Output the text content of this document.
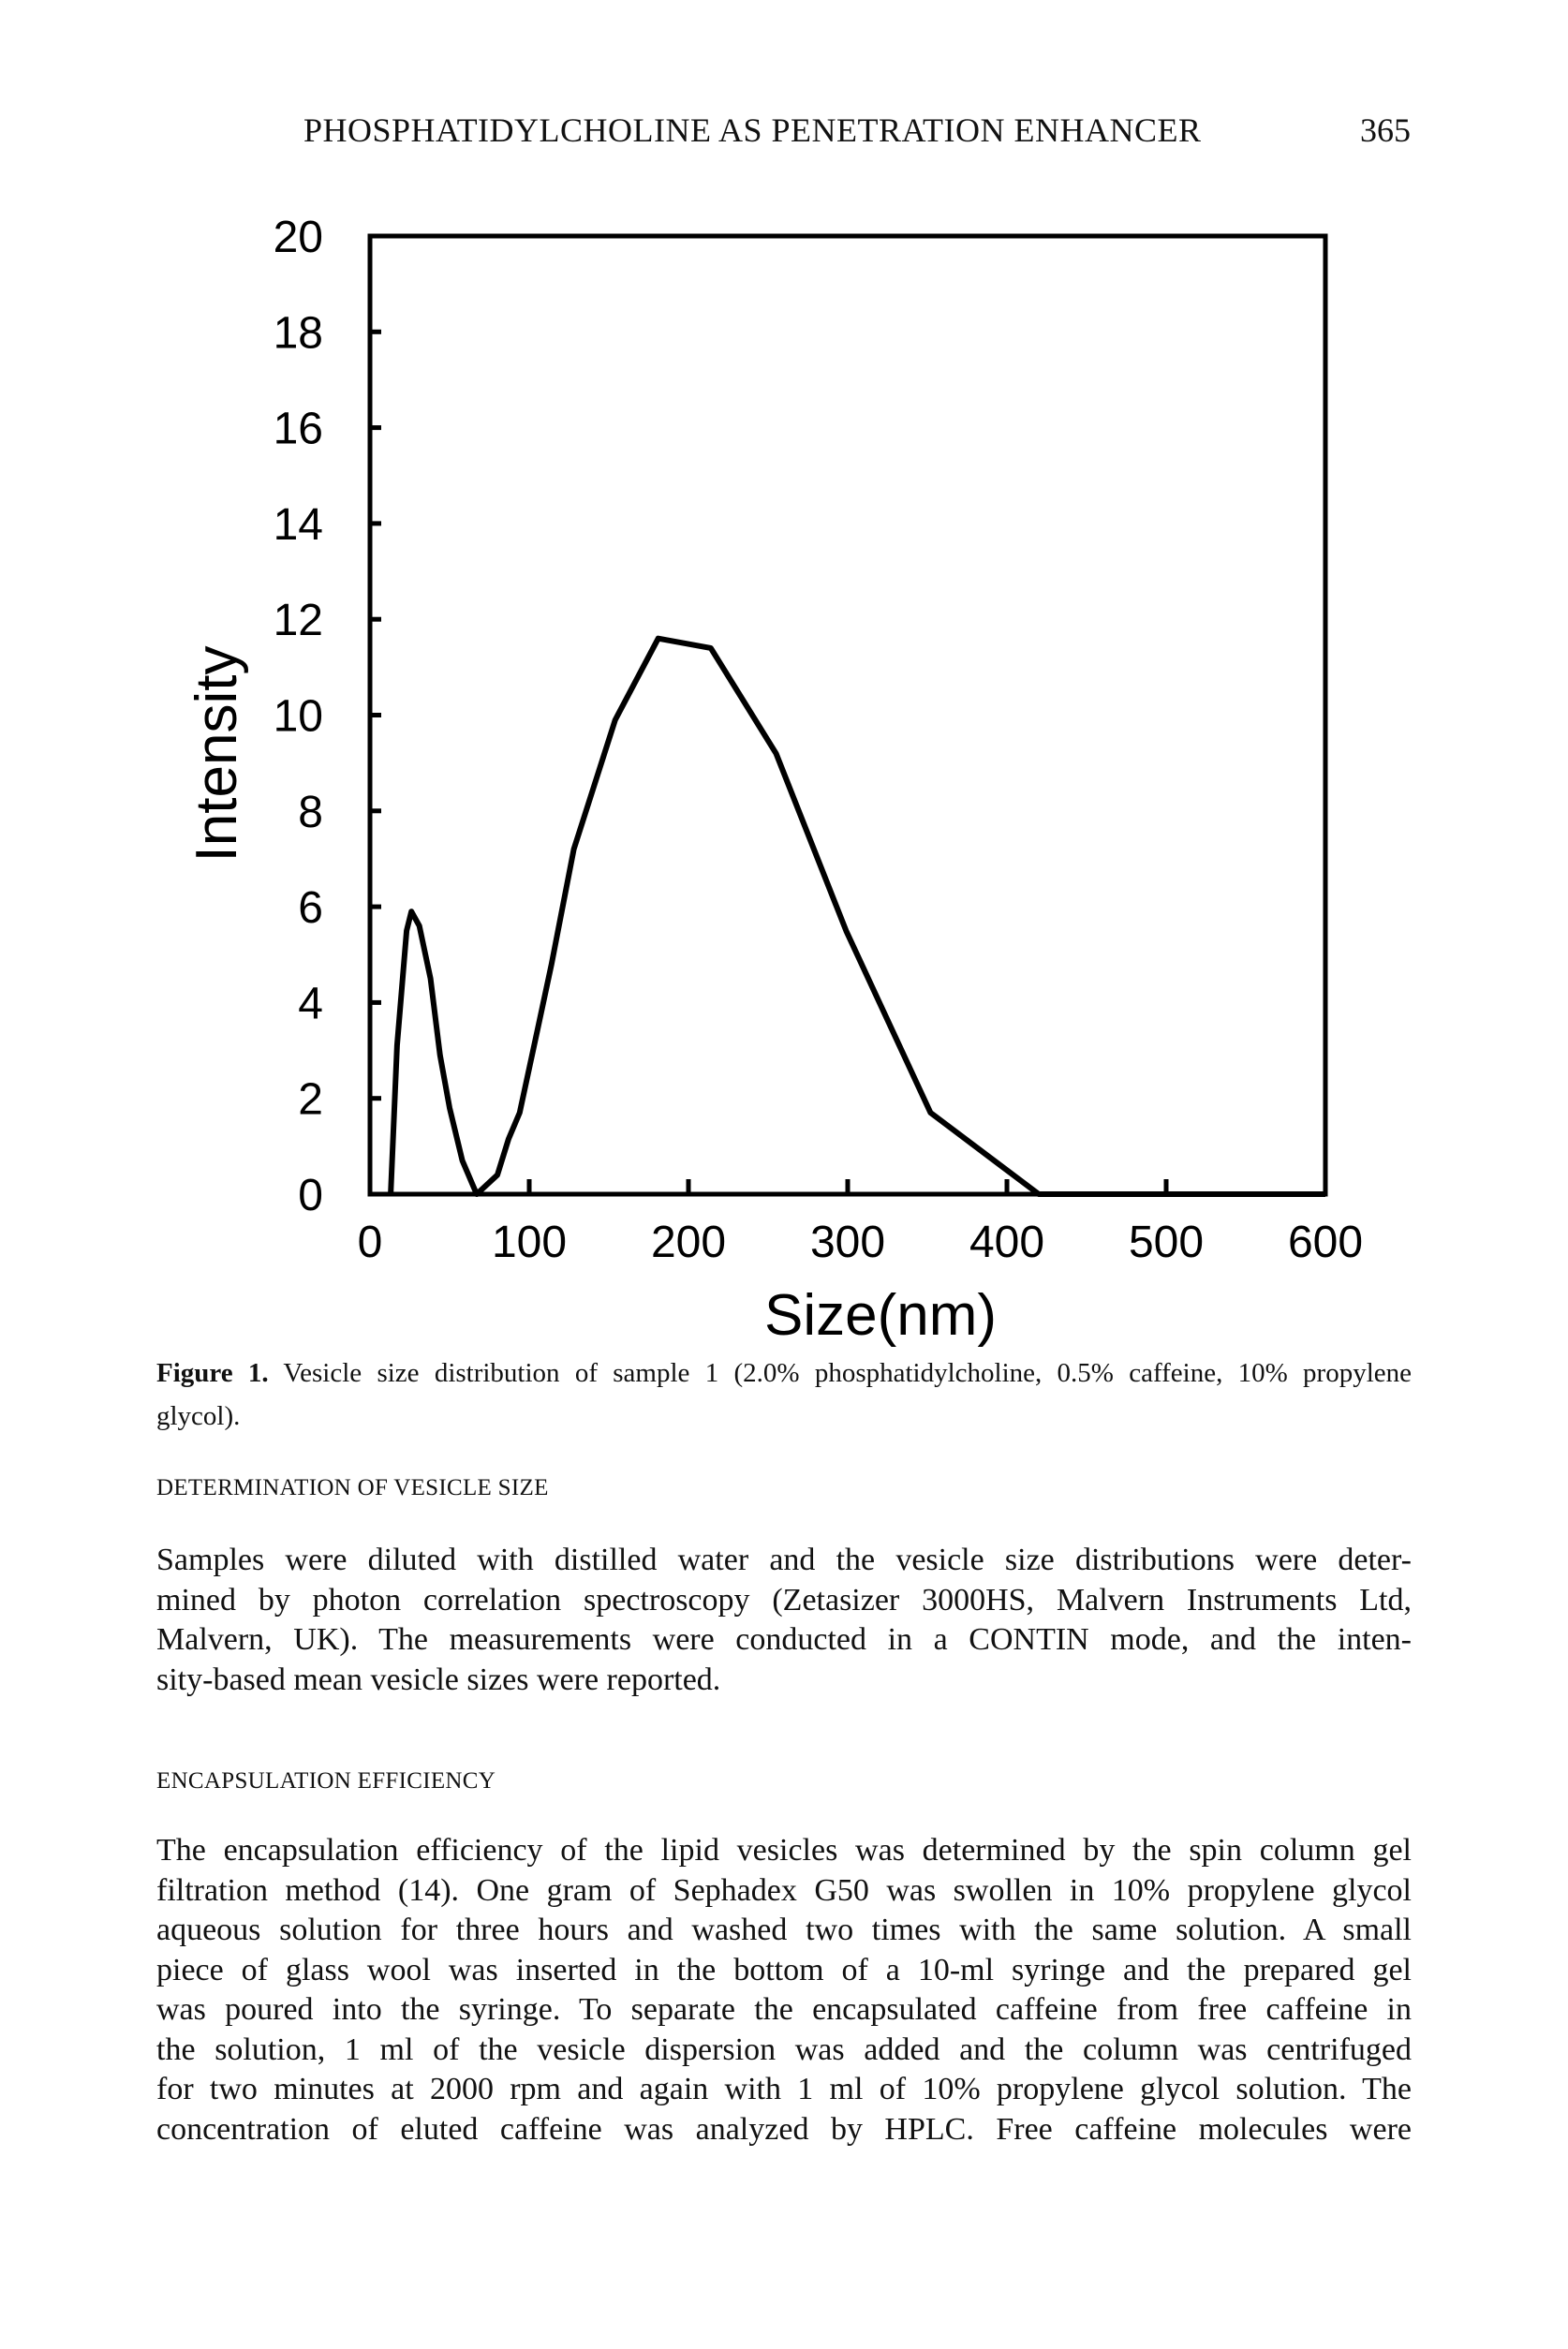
PHOSPHATIDYLCHOLINE AS PENETRATION ENHANCER	365
0
2
4
6
8
10
12
14
16
18
20
0 100 200 300 400 500 600
Intensity
Size(nm)
Figure 1. Vesicle size distribution of sample 1 (2.0% phosphatidylcholine, 0.5% caffeine, 10% propylene
glycol).
DETERMINATION OF VESICLE SIZE
Samples were diluted with distilled water and the vesicle size distributions were deter-
mined by photon correlation spectroscopy (Zetasizer 3000HS, Malvern Instruments Ltd,
Malvern, UK). The measurements were conducted in a CONTIN mode, and the inten-
sity-based mean vesicle sizes were reported.
ENCAPSULATION EFFICIENCY
The encapsulation efficiency of the lipid vesicles was determined by the spin column gel
filtration method (14). One gram of Sephadex G50 was swollen in 10% propylene glycol
aqueous solution for three hours and washed two times with the same solution. A small
piece of glass wool was inserted in the bottom of a 10-ml syringe and the prepared gel
was poured into the syringe. To separate the encapsulated caffeine from free caffeine in
the solution, 1 ml of the vesicle dispersion was added and the column was centrifuged
for two minutes at 2000 rpm and again with 1 ml of 10% propylene glycol solution. The
concentration of eluted caffeine was analyzed by HPLC. Free caffeine molecules were
